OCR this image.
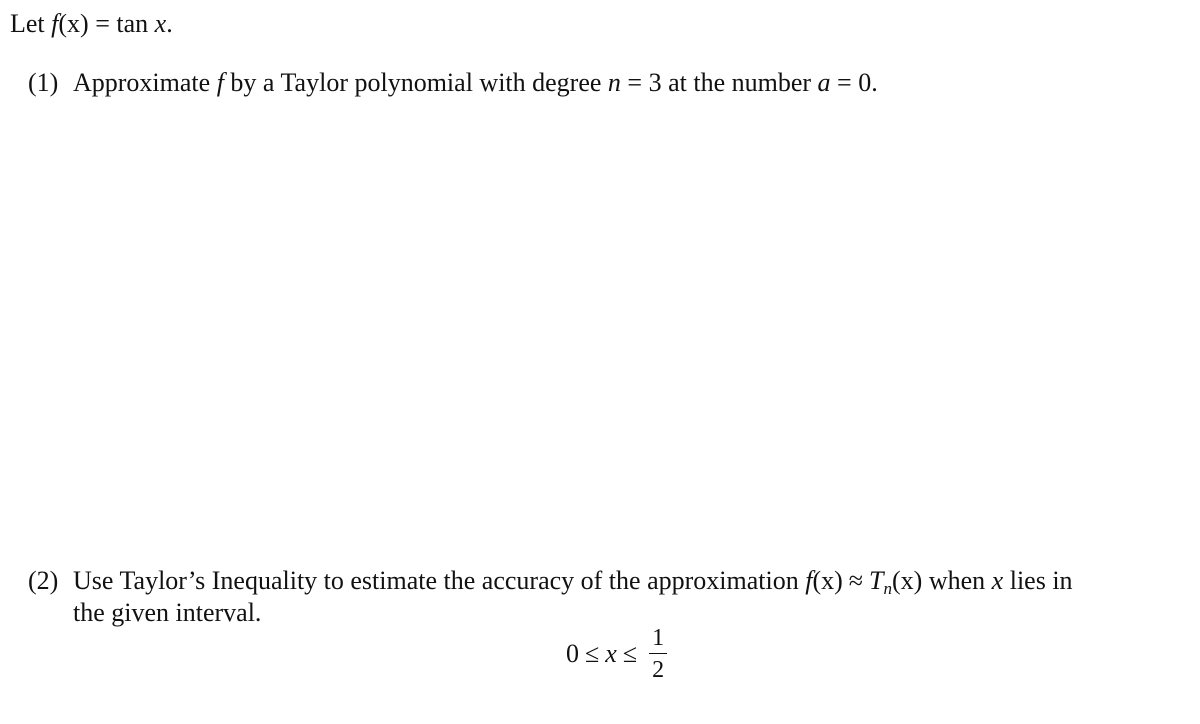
Let f(x) = tan x.
(1) Approximate f by a Taylor polynomial with degree n = 3 at the number a = 0.
(2) Use Taylor’s Inequality to estimate the accuracy of the approximation $f(x) \approx T_n(x)$ when x lies in
the given interval.
$0 \le x \le \frac{1}{2}$
